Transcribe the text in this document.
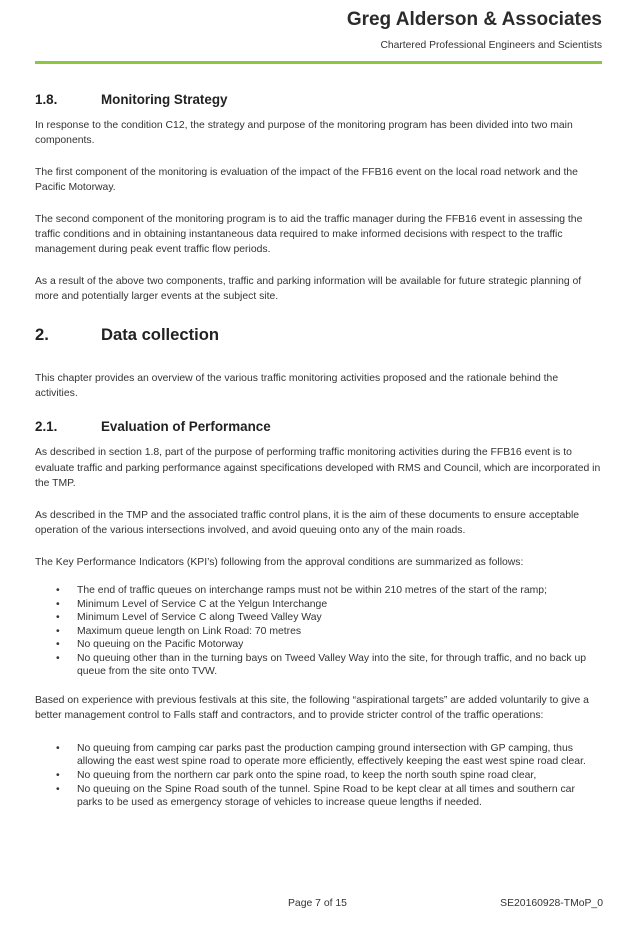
Greg Alderson & Associates

Chartered Professional Engineers and Scientists

1.8.	Monitoring Strategy

In response to the condition C12, the strategy and purpose of the monitoring program has been divided into two main components.

The first component of the monitoring is evaluation of the impact of the FFB16 event on the local road network and the Pacific Motorway.

The second component of the monitoring program is to aid the traffic manager during the FFB16 event in assessing the traffic conditions and in obtaining instantaneous data required to make informed decisions with respect to the traffic management during peak event traffic flow periods.

As a result of the above two components, traffic and parking information will be available for future strategic planning of more and potentially larger events at the subject site.

2.	Data collection

This chapter provides an overview of the various traffic monitoring activities proposed and the rationale behind the activities.

2.1.	Evaluation of Performance

As described in section 1.8, part of the purpose of performing traffic monitoring activities during the FFB16 event is to evaluate traffic and parking performance against specifications developed with RMS and Council, which are incorporated in the TMP.

As described in the TMP and the associated traffic control plans, it is the aim of these documents to ensure acceptable operation of the various intersections involved, and avoid queuing onto any of the main roads.

The Key Performance Indicators (KPI’s) following from the approval conditions are summarized as follows:

• The end of traffic queues on interchange ramps must not be within 210 metres of the start of the ramp;
• Minimum Level of Service C at the Yelgun Interchange
• Minimum Level of Service C along Tweed Valley Way
• Maximum queue length on Link Road: 70 metres
• No queuing on the Pacific Motorway
• No queuing other than in the turning bays on Tweed Valley Way into the site, for through traffic, and no back up queue from the site onto TVW.

Based on experience with previous festivals at this site, the following “aspirational targets” are added voluntarily to give a better management control to Falls staff and contractors, and to provide stricter control of the traffic operations:

• No queuing from camping car parks past the production camping ground intersection with GP camping, thus allowing the east west spine road to operate more efficiently, effectively keeping the east west spine road clear.
• No queuing from the northern car park onto the spine road, to keep the north south spine road clear,
• No queuing on the Spine Road south of the tunnel. Spine Road to be kept clear at all times and southern car parks to be used as emergency storage of vehicles to increase queue lengths if needed.
Page 7 of 15	SE20160928-TMoP_0
